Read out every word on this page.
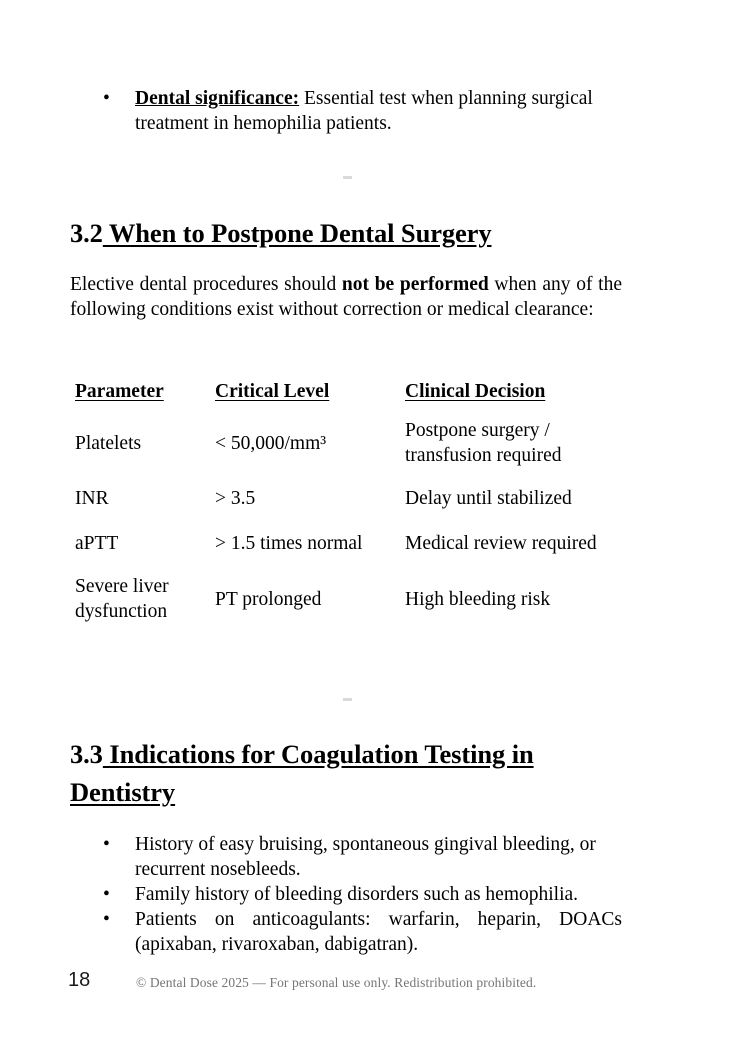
• Dental significance: Essential test when planning surgical treatment in hemophilia patients.
3.2 When to Postpone Dental Surgery
Elective dental procedures should not be performed when any of the following conditions exist without correction or medical clearance:
Parameter	Critical Level	Clinical Decision
Platelets	< 50,000/mm³	Postpone surgery / transfusion required
INR	> 3.5	Delay until stabilized
aPTT	> 1.5 times normal	Medical review required
Severe liver dysfunction	PT prolonged	High bleeding risk
3.3 Indications for Coagulation Testing in Dentistry
• History of easy bruising, spontaneous gingival bleeding, or recurrent nosebleeds.
• Family history of bleeding disorders such as hemophilia.
• Patients on anticoagulants: warfarin, heparin, DOACs (apixaban, rivaroxaban, dabigatran).
18	© Dental Dose 2025 — For personal use only. Redistribution prohibited.
